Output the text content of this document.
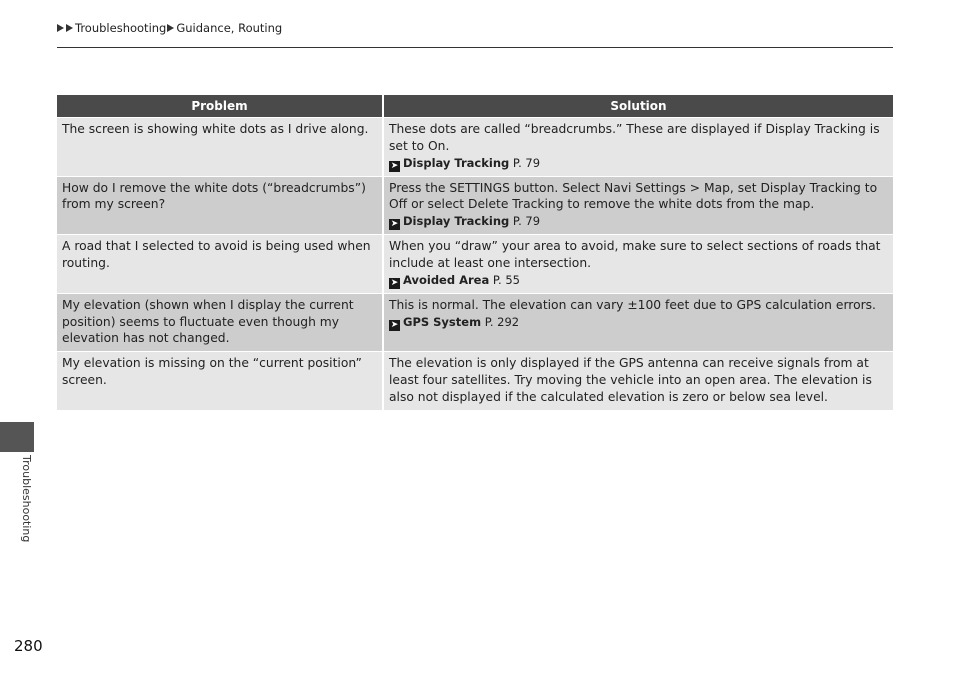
Troubleshooting Guidance, Routing
Problem	Solution
The screen is showing white dots as I drive along.	These dots are called “breadcrumbs.” These are displayed if Display Tracking is set to On.
➤ Display Tracking P. 79
How do I remove the white dots (“breadcrumbs”) from my screen?	Press the SETTINGS button. Select Navi Settings > Map, set Display Tracking to Off or select Delete Tracking to remove the white dots from the map.
➤ Display Tracking P. 79
A road that I selected to avoid is being used when routing.	When you “draw” your area to avoid, make sure to select sections of roads that include at least one intersection.
➤ Avoided Area P. 55
My elevation (shown when I display the current position) seems to fluctuate even though my elevation has not changed.	This is normal. The elevation can vary ±100 feet due to GPS calculation errors.
➤ GPS System P. 292
My elevation is missing on the “current position” screen.	The elevation is only displayed if the GPS antenna can receive signals from at least four satellites. Try moving the vehicle into an open area. The elevation is also not displayed if the calculated elevation is zero or below sea level.
Troubleshooting
280
